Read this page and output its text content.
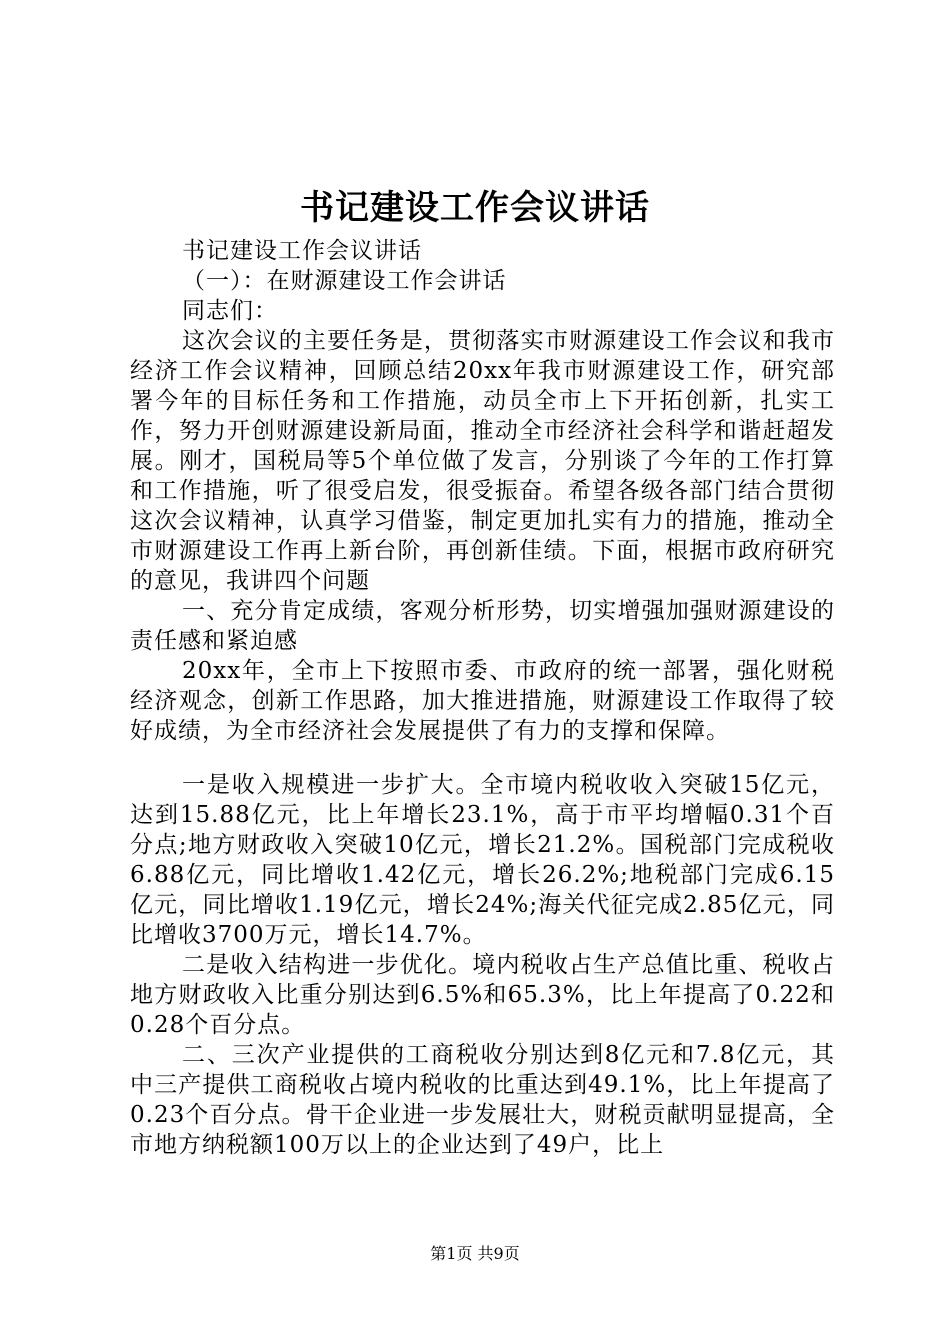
书记建设工作会议讲话

书记建设工作会议讲话

（一）：在财源建设工作会讲话

同志们：

这次会议的主要任务是，贯彻落实市财源建设工作会议和我市经济工作会议精神，回顾总结20xx年我市财源建设工作，研究部署今年的目标任务和工作措施，动员全市上下开拓创新，扎实工作，努力开创财源建设新局面，推动全市经济社会科学和谐赶超发展。刚才，国税局等5个单位做了发言，分别谈了今年的工作打算和工作措施，听了很受启发，很受振奋。希望各级各部门结合贯彻这次会议精神，认真学习借鉴，制定更加扎实有力的措施，推动全市财源建设工作再上新台阶，再创新佳绩。下面，根据市政府研究的意见，我讲四个问题

一、充分肯定成绩，客观分析形势，切实增强加强财源建设的责任感和紧迫感

20xx年，全市上下按照市委、市政府的统一部署，强化财税经济观念，创新工作思路，加大推进措施，财源建设工作取得了较好成绩，为全市经济社会发展提供了有力的支撑和保障。

一是收入规模进一步扩大。全市境内税收收入突破15亿元，达到15.88亿元，比上年增长23.1%，高于市平均增幅0.31个百分点;地方财政收入突破10亿元，增长21.2%。国税部门完成税收6.88亿元，同比增收1.42亿元，增长26.2%;地税部门完成6.15亿元，同比增收1.19亿元，增长24%;海关代征完成2.85亿元，同比增收3700万元，增长14.7%。

二是收入结构进一步优化。境内税收占生产总值比重、税收占地方财政收入比重分别达到6.5%和65.3%，比上年提高了0.22和0.28个百分点。

二、三次产业提供的工商税收分别达到8亿元和7.8亿元，其中三产提供工商税收占境内税收的比重达到49.1%，比上年提高了0.23个百分点。骨干企业进一步发展壮大，财税贡献明显提高，全市地方纳税额100万以上的企业达到了49户，比上

第1页 共9页
